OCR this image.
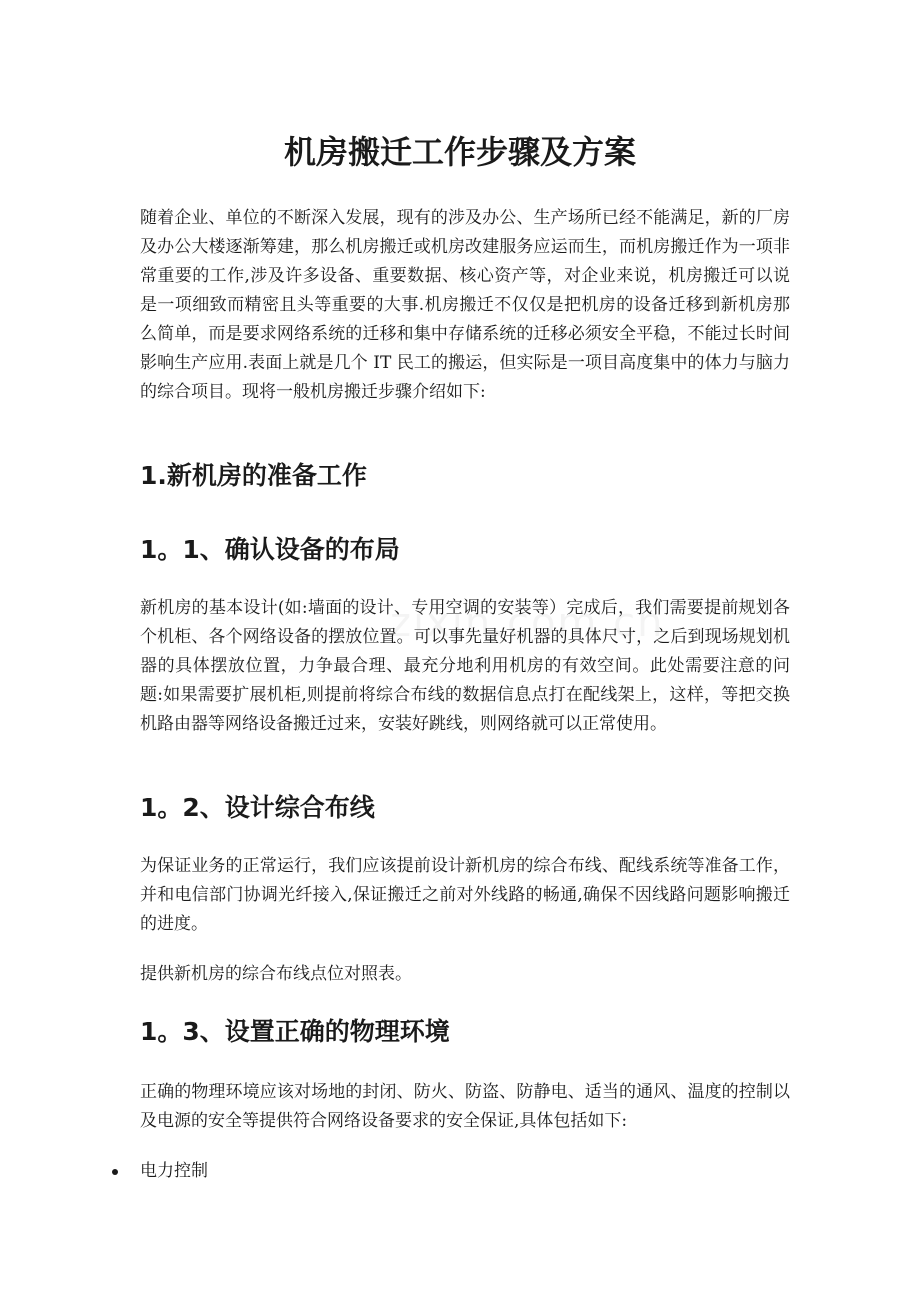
机房搬迁工作步骤及方案

随着企业、单位的不断深入发展，现有的涉及办公、生产场所已经不能满足，新的厂房及办公大楼逐渐筹建，那么机房搬迁或机房改建服务应运而生，而机房搬迁作为一项非常重要的工作,涉及许多设备、重要数据、核心资产等，对企业来说，机房搬迁可以说是一项细致而精密且头等重要的大事.机房搬迁不仅仅是把机房的设备迁移到新机房那么简单，而是要求网络系统的迁移和集中存储系统的迁移必须安全平稳，不能过长时间影响生产应用.表面上就是几个 IT 民工的搬运，但实际是一项目高度集中的体力与脑力的综合项目。现将一般机房搬迁步骤介绍如下:

1.新机房的准备工作
1。1、确认设备的布局

新机房的基本设计(如:墙面的设计、专用空调的安装等）完成后，我们需要提前规划各个机柜、各个网络设备的摆放位置。可以事先量好机器的具体尺寸，之后到现场规划机器的具体摆放位置，力争最合理、最充分地利用机房的有效空间。此处需要注意的问题:如果需要扩展机柜,则提前将综合布线的数据信息点打在配线架上，这样，等把交换机路由器等网络设备搬迁过来，安装好跳线，则网络就可以正常使用。

1。2、设计综合布线

为保证业务的正常运行，我们应该提前设计新机房的综合布线、配线系统等准备工作，并和电信部门协调光纤接入,保证搬迁之前对外线路的畅通,确保不因线路问题影响搬迁的进度。

提供新机房的综合布线点位对照表。

1。3、设置正确的物理环境

正确的物理环境应该对场地的封闭、防火、防盗、防静电、适当的通风、温度的控制以及电源的安全等提供符合网络设备要求的安全保证,具体包括如下:

电力控制
